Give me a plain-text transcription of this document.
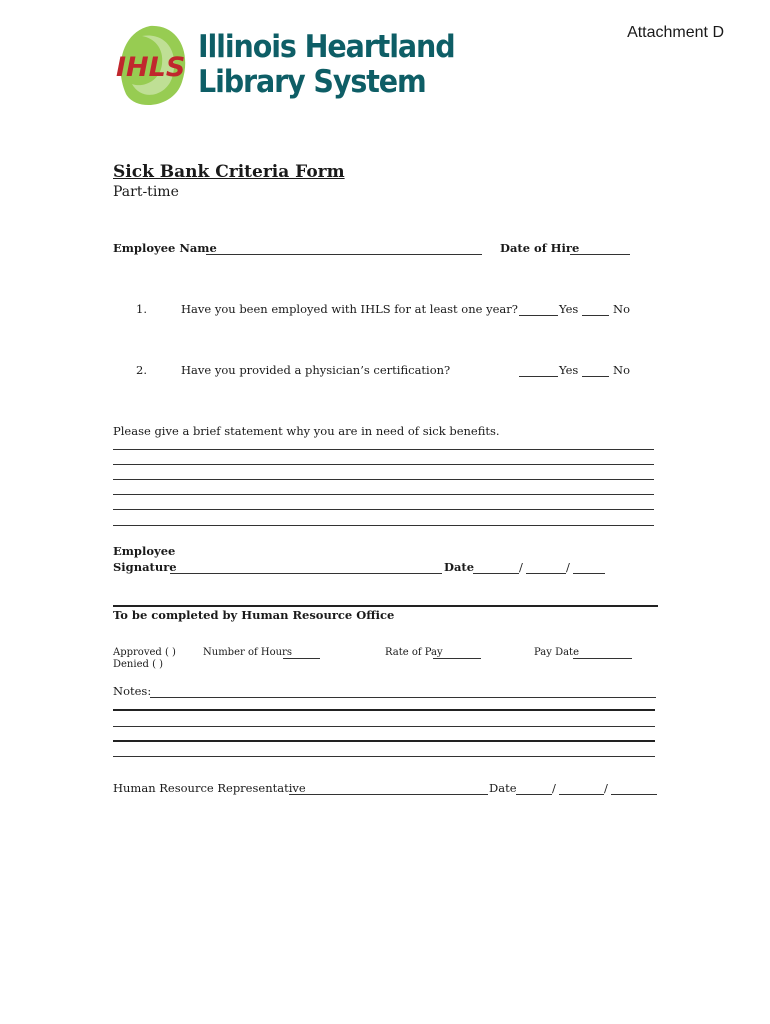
Attachment D
IHLS
Illinois Heartland
Library System
Sick Bank Criteria Form
Part-time
Employee Name	Date of Hire
1.	Have you been employed with IHLS for at least one year?	Yes	No
2.	Have you provided a physician’s certification?	Yes	No
Please give a brief statement why you are in need of sick benefits.
Employee
Signature	Date	/	/
To be completed by Human Resource Office
Approved ( )
Denied ( )
Number of Hours	Rate of Pay	Pay Date
Notes:
Human Resource Representative	Date	/	/
